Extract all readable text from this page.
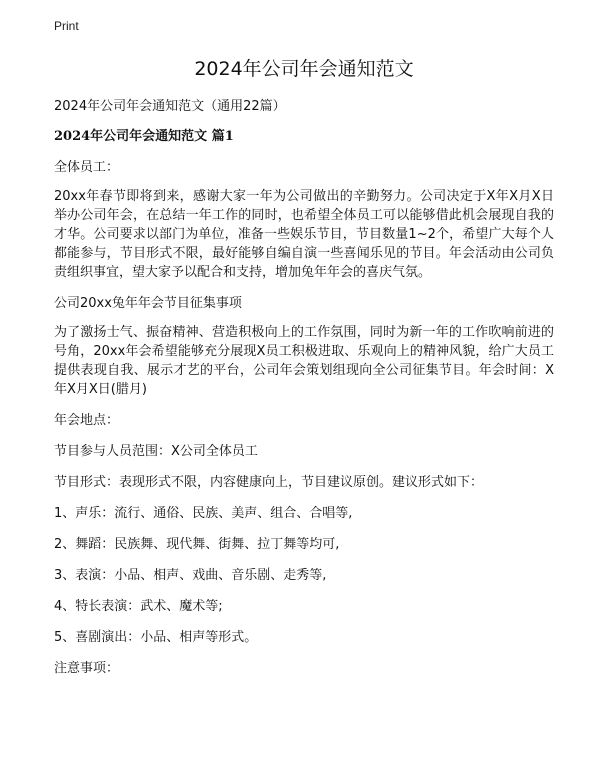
Print
2024年公司年会通知范文

2024年公司年会通知范文（通用22篇）

2024年公司年会通知范文 篇1

全体员工：

20xx年春节即将到来，感谢大家一年为公司做出的辛勤努力。公司决定于X年X月X日举办公司年会，在总结一年工作的同时，也希望全体员工可以能够借此机会展现自我的才华。公司要求以部门为单位，准备一些娱乐节目，节目数量1~2个，希望广大每个人都能参与，节目形式不限，最好能够自编自演一些喜闻乐见的节目。年会活动由公司负责组织事宜，望大家予以配合和支持，增加兔年年会的喜庆气氛。

公司20xx兔年年会节目征集事项

为了激扬士气、振奋精神、营造积极向上的工作氛围，同时为新一年的工作吹响前进的号角，20xx年会希望能够充分展现X员工积极进取、乐观向上的精神风貌，给广大员工提供表现自我、展示才艺的平台，公司年会策划组现向全公司征集节目。年会时间：X年X月X日(腊月)

年会地点：

节目参与人员范围：X公司全体员工

节目形式：表现形式不限，内容健康向上，节目建议原创。建议形式如下：

1、声乐：流行、通俗、民族、美声、组合、合唱等,

2、舞蹈：民族舞、现代舞、街舞、拉丁舞等均可,

3、表演：小品、相声、戏曲、音乐剧、走秀等,

4、特长表演：武术、魔术等;

5、喜剧演出：小品、相声等形式。

注意事项：
